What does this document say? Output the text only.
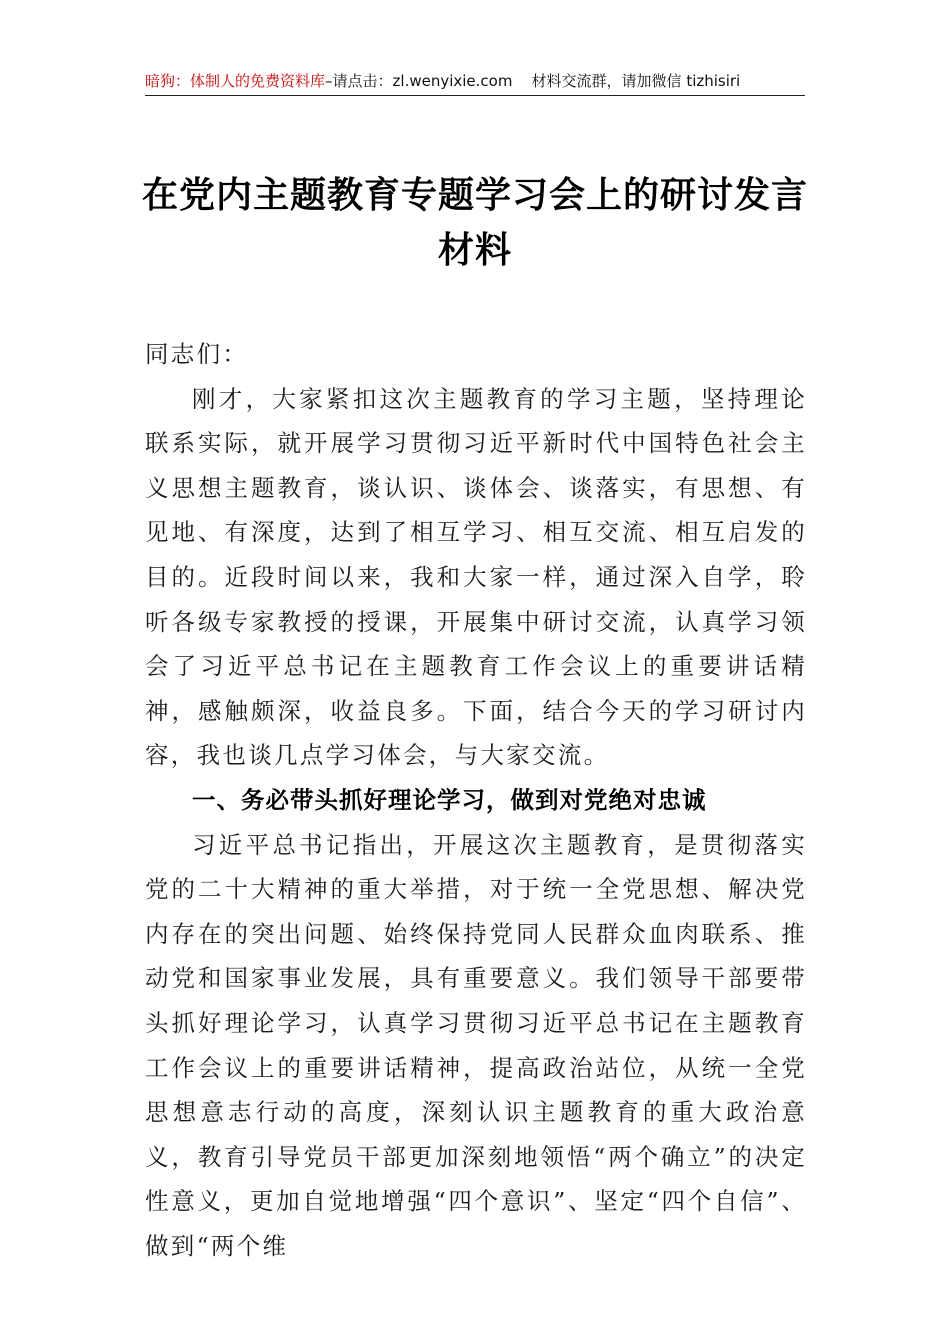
暗狗：体制人的免费资料库–请点击：zl.wenyixie.com 材料交流群，请加微信 tizhisiri
在党内主题教育专题学习会上的研讨发言
材料

同志们：

刚才，大家紧扣这次主题教育的学习主题，坚持理论联系实际，就开展学习贯彻习近平新时代中国特色社会主义思想主题教育，谈认识、谈体会、谈落实，有思想、有见地、有深度，达到了相互学习、相互交流、相互启发的目的。近段时间以来，我和大家一样，通过深入自学，聆听各级专家教授的授课，开展集中研讨交流，认真学习领会了习近平总书记在主题教育工作会议上的重要讲话精神，感触颇深，收益良多。下面，结合今天的学习研讨内容，我也谈几点学习体会，与大家交流。

一、务必带头抓好理论学习，做到对党绝对忠诚

习近平总书记指出，开展这次主题教育，是贯彻落实党的二十大精神的重大举措，对于统一全党思想、解决党内存在的突出问题、始终保持党同人民群众血肉联系、推动党和国家事业发展，具有重要意义。我们领导干部要带头抓好理论学习，认真学习贯彻习近平总书记在主题教育工作会议上的重要讲话精神，提高政治站位，从统一全党思想意志行动的高度，深刻认识主题教育的重大政治意义，教育引导党员干部更加深刻地领悟“两个确立”的决定性意义，更加自觉地增强“四个意识”、坚定“四个自信”、做到“两个维
